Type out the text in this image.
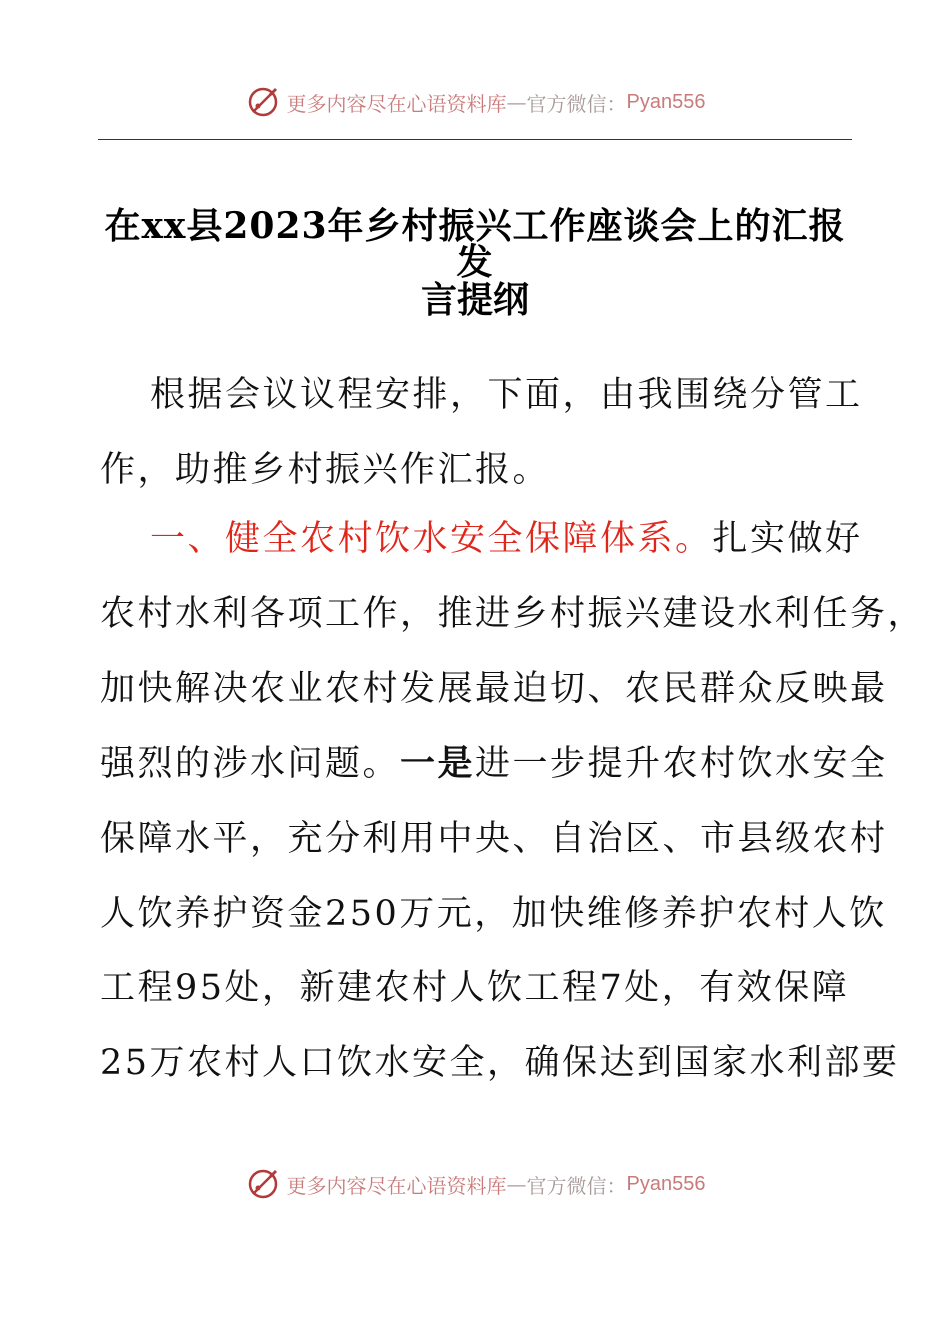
更多内容尽在心语资料库 — 官方微信： Pyan556
在xx县2023年乡村振兴工作座谈会上的汇报发
言提纲
根据会议议程安排，下面，由我围绕分管工
作，助推乡村振兴作汇报。
一、健全农村饮水安全保障体系。扎实做好
农村水利各项工作，推进乡村振兴建设水利任务，
加快解决农业农村发展最迫切、农民群众反映最
强烈的涉水问题。一是进一步提升农村饮水安全
保障水平，充分利用中央、自治区、市县级农村
人饮养护资金250万元，加快维修养护农村人饮
工程95处，新建农村人饮工程7处，有效保障
25万农村人口饮水安全，确保达到国家水利部要
更多内容尽在心语资料库 — 官方微信： Pyan556
